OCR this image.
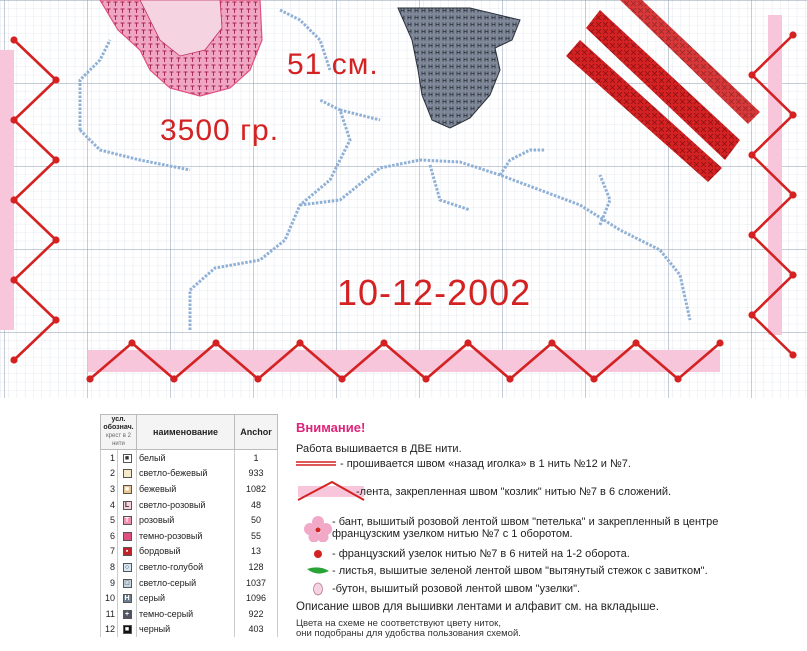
51 см.
3500 гр.
10-12-2002
усл. обознач.
крест в 2 нити		наименование	Anchor
1	■	белый	1
2		светло-бежевый	933
3	■	бежевый	1082
4	L	светло-розовый	48
5	T	розовый	50
6		темно-розовый	55
7	▪	бордовый	13
8	○	светло-голубой	128
9	□	светло-серый	1037
10	H	серый	1096
11	+	темно-серый	922
12	■	черный	403
Внимание!
Работа вышивается в ДВЕ нити.
- прошивается швом «назад иголка» в 1 нить №12 и №7.
-лента, закрепленная швом "козлик" нитью №7 в 6 сложений.
- бант, вышитый розовой лентой швом "петелька" и закрепленный в центре
французским узелком нитью №7 с 1 оборотом.
- французский узелок нитью №7 в 6 нитей на 1-2 оборота.
- листья, вышитые зеленой лентой швом "вытянутый стежок с завитком".
-бутон, вышитый розовой лентой швом "узелки".
Описание швов для вышивки лентами и алфавит см. на вкладыше.
Цвета на схеме не соответствуют цвету ниток,
они подобраны для удобства пользования схемой.
